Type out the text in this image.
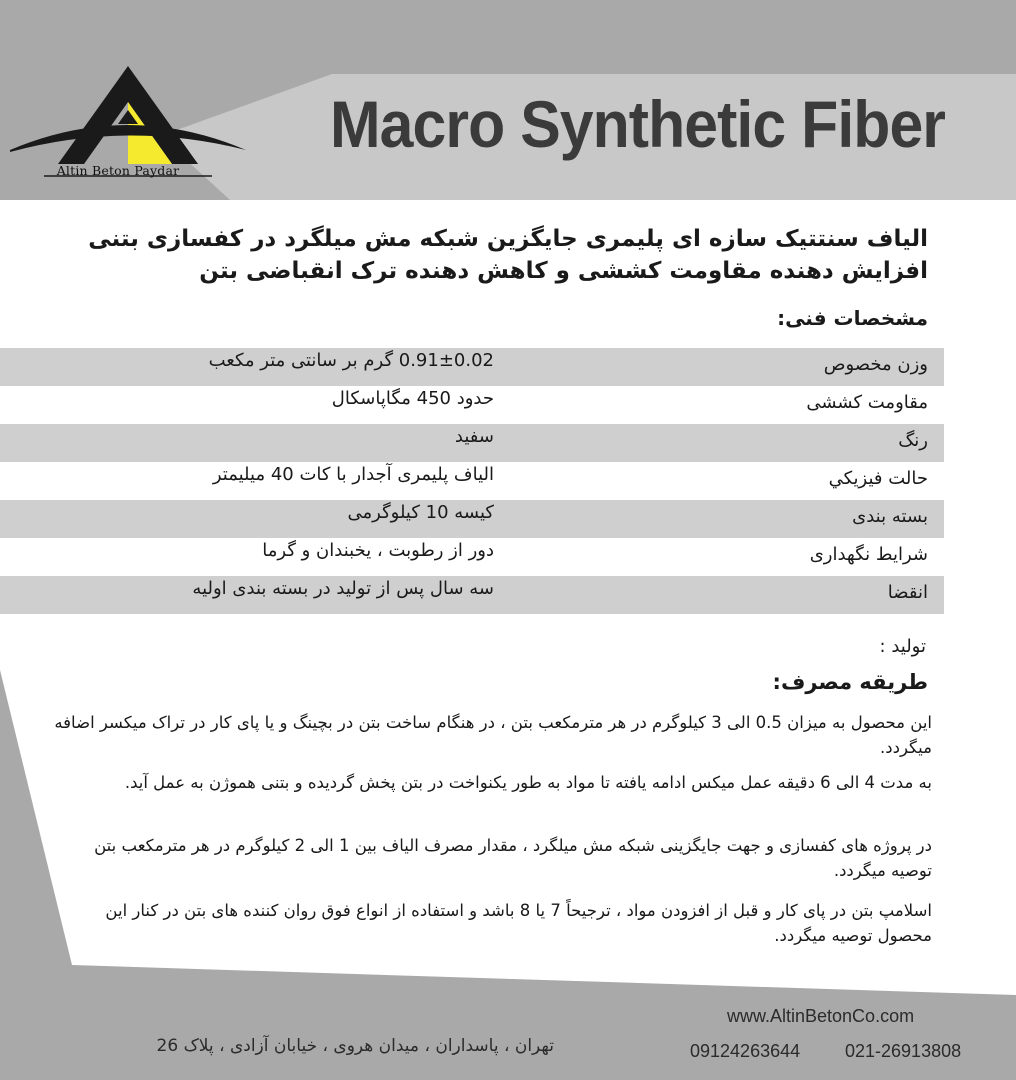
Altin Beton Paydar
Macro Synthetic Fiber
الیاف سنتتیک سازه ای پلیمری جایگزین شبکه مش میلگرد در کفسازی بتنی
افزایش دهنده مقاومت کششی و کاهش دهنده ترک انقباضی بتن
مشخصات فنی:
وزن مخصوص
0.91±0.02 گرم بر سانتی متر مکعب
مقاومت کششی
حدود 450 مگاپاسکال
رنگ
سفید
حالت فیزیکي
الیاف پلیمری آجدار با کات 40 میلیمتر
بسته بندی
کیسه 10 کیلوگرمی
شرایط نگهداری
دور از رطوبت ، یخبندان و گرما
انقضا
سه سال پس از تولید در بسته بندی اولیه
تولید :
طریقه مصرف:
این محصول به میزان 0.5 الی 3 کیلوگرم در هر مترمکعب بتن ، در هنگام ساخت بتن در بچینگ و یا پای کار در تراک میکسر اضافه میگردد.
به مدت 4 الی 6 دقیقه عمل میکس ادامه یافته تا مواد به طور یکنواخت در بتن پخش گردیده و بتنی هموژن به عمل آید.
در پروژه های کفسازی و جهت جایگزینی شبکه مش میلگرد ، مقدار مصرف الیاف بین 1 الی 2 کیلوگرم در هر مترمکعب بتن توصیه میگردد.
اسلامپ بتن در پای کار و قبل از افزودن مواد ، ترجیحاً 7 یا 8 باشد و استفاده از انواع فوق روان کننده های بتن در کنار این محصول توصیه میگردد.
www.AltinBetonCo.com
09124263644 021-26913808
تهران ، پاسداران ، میدان هروی ، خیابان آزادی ، پلاک 26
